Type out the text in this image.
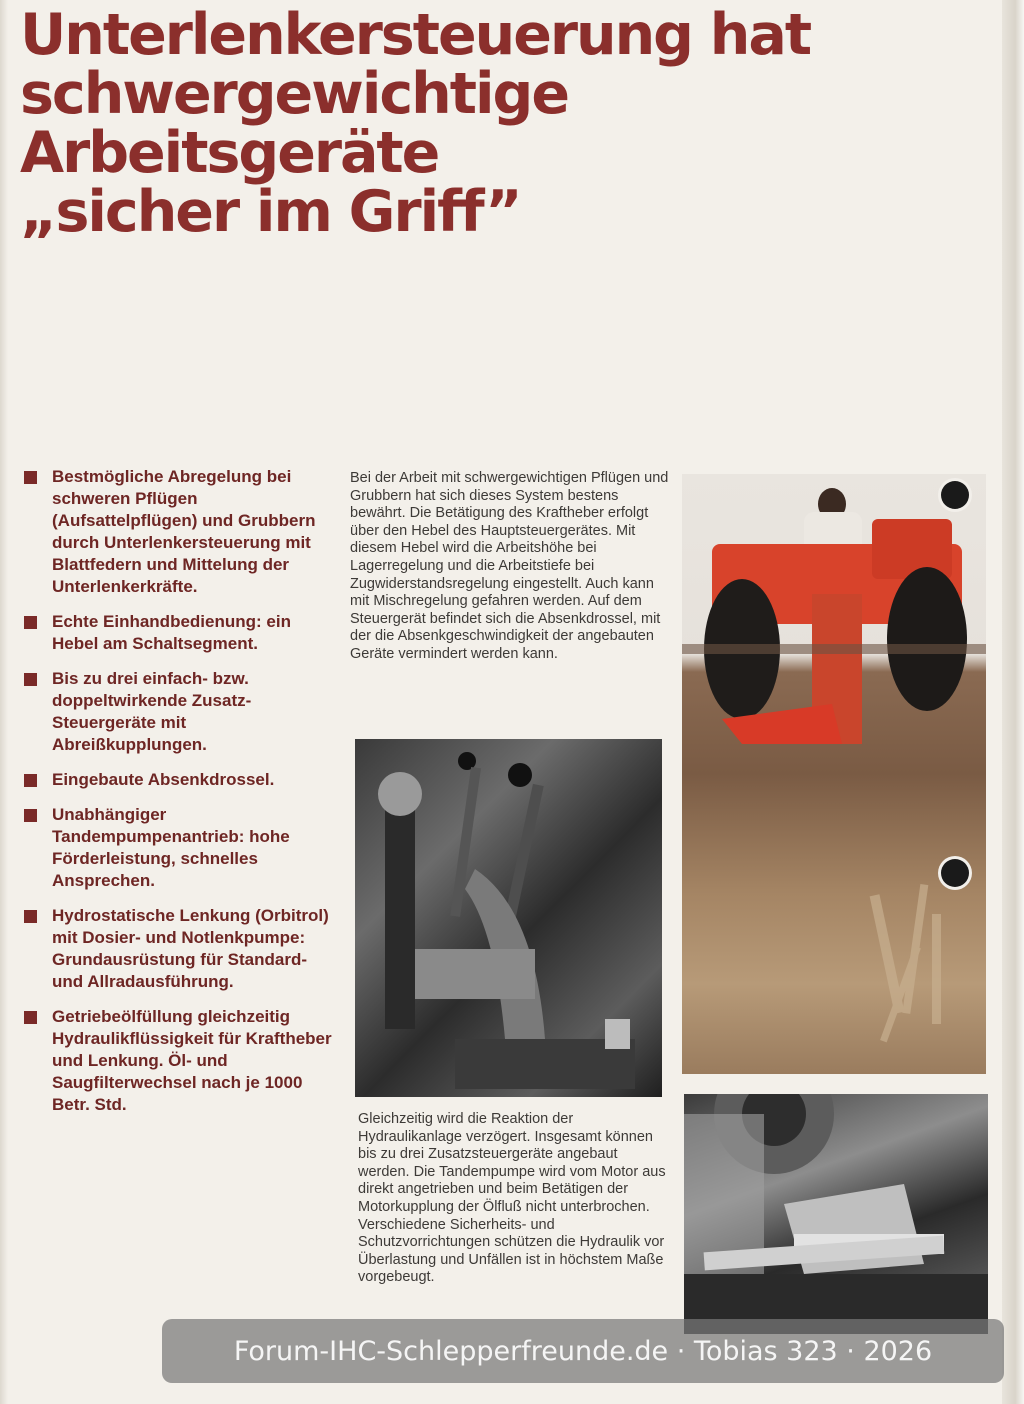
Unterlenkersteuerung hat
schwergewichtige
Arbeitsgeräte
„sicher im Griff”
Bestmögliche Abregelung bei schweren Pflügen (Aufsattelpflügen) und Grubbern durch Unterlenkersteuerung mit Blattfedern und Mittelung der Unterlenkerkräfte.
Echte Einhandbedienung: ein Hebel am Schaltsegment.
Bis zu drei einfach- bzw. doppeltwirkende Zusatz-Steuergeräte mit Abreißkupplungen.
Eingebaute Absenkdrossel.
Unabhängiger Tandempumpenantrieb: hohe Förderleistung, schnelles Ansprechen.
Hydrostatische Lenkung (Orbitrol) mit Dosier- und Notlenkpumpe: Grundausrüstung für Standard- und Allradausführung.
Getriebeölfüllung gleichzeitig Hydraulikflüssigkeit für Kraftheber und Lenkung. Öl- und Saugfilterwechsel nach je 1000 Betr. Std.

Bei der Arbeit mit schwergewichtigen Pflügen und Grubbern hat sich dieses System bestens bewährt. Die Betätigung des Kraftheber erfolgt über den Hebel des Hauptsteuergerätes. Mit diesem Hebel wird die Arbeitshöhe bei Lagerregelung und die Arbeitstiefe bei Zugwiderstandsregelung eingestellt. Auch kann mit Mischregelung gefahren werden. Auf dem Steuergerät befindet sich die Absenkdrossel, mit der die Absenkgeschwindigkeit der angebauten Geräte vermindert werden kann.

Gleichzeitig wird die Reaktion der Hydraulikanlage verzögert. Insgesamt können bis zu drei Zusatzsteuergeräte angebaut werden. Die Tandempumpe wird vom Motor aus direkt angetrieben und beim Betätigen der Motorkupplung der Ölfluß nicht unterbrochen. Verschiedene Sicherheits- und Schutzvorrichtungen schützen die Hydraulik vor Überlastung und Unfällen ist in höchstem Maße vorgebeugt.

Forum-IHC-Schlepperfreunde.de · Tobias 323 · 2026
